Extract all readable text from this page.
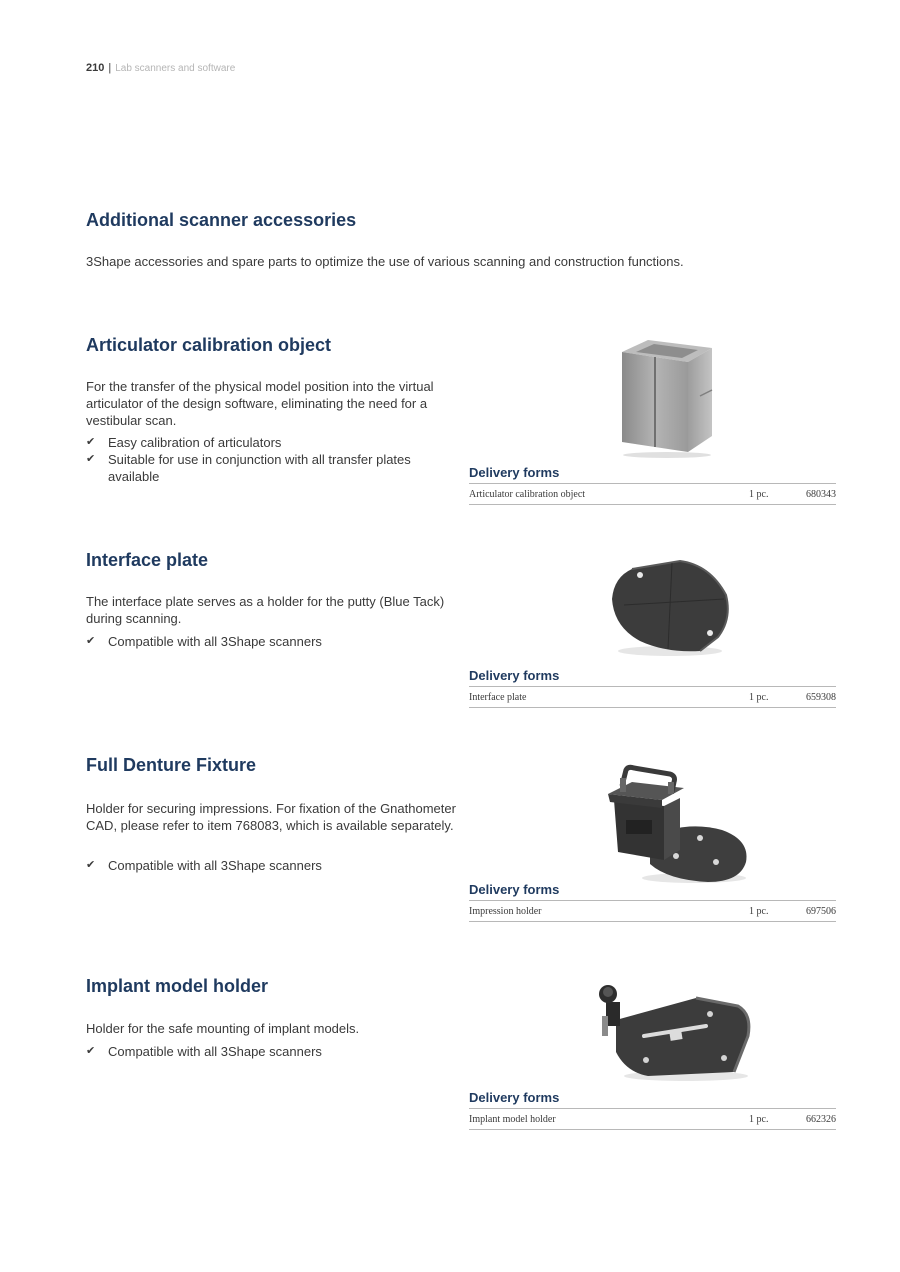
210 | Lab scanners and software
Additional scanner accessories

3Shape accessories and spare parts to optimize the use of various scanning and construction functions.

Articulator calibration object

For the transfer of the physical model position into the virtual articulator of the design software, eliminating the need for a vestibular scan.

✔ Easy calibration of articulators
✔ Suitable for use in conjunction with all transfer plates available	Delivery forms
Articulator calibration object	1 pc.	680343
Interface plate

The interface plate serves as a holder for the putty (Blue Tack) during scanning.

✔ Compatible with all 3Shape scanners
Delivery forms
Interface plate	1 pc.	659308
Full Denture Fixture

Holder for securing impressions. For fixation of the Gnathometer CAD, please refer to item 768083, which is available separately.

✔ Compatible with all 3Shape scanners
Delivery forms
Impression holder	1 pc.	697506
Implant model holder

Holder for the safe mounting of implant models.

✔ Compatible with all 3Shape scanners
Delivery forms
Implant model holder	1 pc.	662326
